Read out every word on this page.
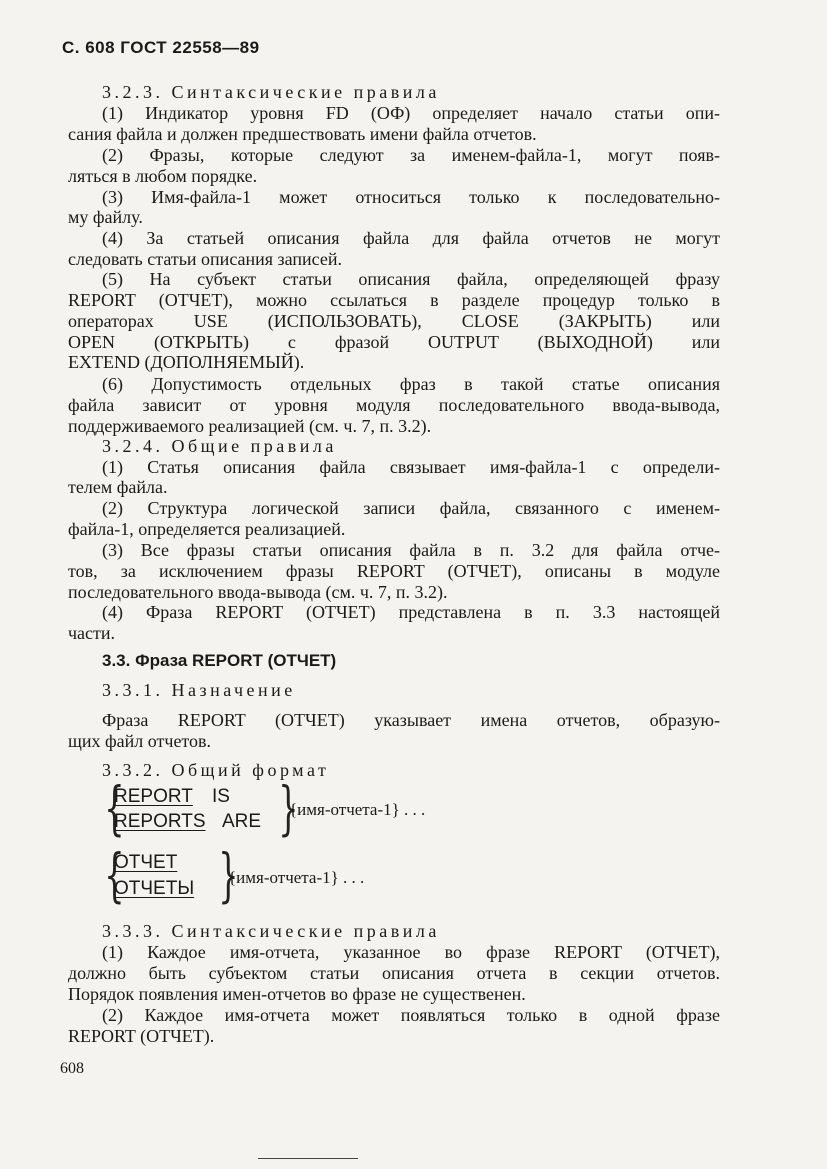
С. 608 ГОСТ 22558—89
3.2.3. Синтаксические правила
(1) Индикатор уровня FD (ОФ) определяет начало статьи опи-
сания файла и должен предшествовать имени файла отчетов.
(2) Фразы, которые следуют за именем-файла-1, могут появ-
ляться в любом порядке.
(3) Имя-файла-1 может относиться только к последовательно-
му файлу.
(4) За статьей описания файла для файла отчетов не могут
следовать статьи описания записей.
(5) На субъект статьи описания файла, определяющей фразу
REPORT (ОТЧЕТ), можно ссылаться в разделе процедур только в
операторах USE (ИСПОЛЬЗОВАТЬ), CLOSE (ЗАКРЫТЬ) или
OPEN (ОТКРЫТЬ) с фразой OUTPUT (ВЫХОДНОЙ) или
EXTEND (ДОПОЛНЯЕМЫЙ).
(6) Допустимость отдельных фраз в такой статье описания
файла зависит от уровня модуля последовательного ввода-вывода,
поддерживаемого реализацией (см. ч. 7, п. 3.2).
3.2.4. Общие правила
(1) Статья описания файла связывает имя-файла-1 с определи-
телем файла.
(2) Структура логической записи файла, связанного с именем-
файла-1, определяется реализацией.
(3) Все фразы статьи описания файла в п. 3.2 для файла отче-
тов, за исключением фразы REPORT (ОТЧЕТ), описаны в модуле
последовательного ввода-вывода (см. ч. 7, п. 3.2).
(4) Фраза REPORT (ОТЧЕТ) представлена в п. 3.3 настоящей
части.
3.3. Фраза REPORT (ОТЧЕТ)
3.3.1. Назначение
Фраза REPORT (ОТЧЕТ) указывает имена отчетов, образую-
щих файл отчетов.
3.3.2. Общий формат
{
REPORT IS
REPORTS ARE }
{имя-отчета-1} . . .
{
ОТЧЕТ
ОТЧЕТЫ }
{имя-отчета-1} . . .
3.3.3. Синтаксические правила
(1) Каждое имя-отчета, указанное во фразе REPORT (ОТЧЕТ),
должно быть субъектом статьи описания отчета в секции отчетов.
Порядок появления имен-отчетов во фразе не существенен.
(2) Каждое имя-отчета может появляться только в одной фразе
REPORT (ОТЧЕТ).
608
